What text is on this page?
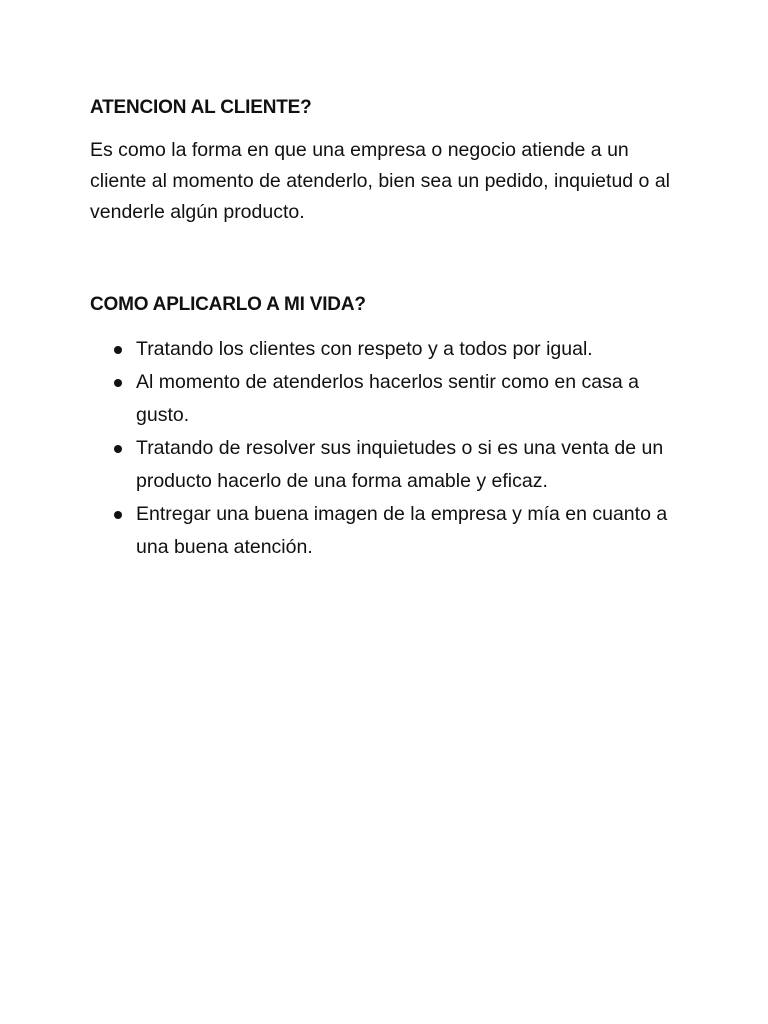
ATENCION AL CLIENTE?

Es como la forma en que una empresa o negocio atiende a un cliente al momento de atenderlo, bien sea un pedido, inquietud o al venderle algún producto.

COMO APLICARLO A MI VIDA?
Tratando los clientes con respeto y a todos por igual.
Al momento de atenderlos hacerlos sentir como en casa a gusto.
Tratando de resolver sus inquietudes o si es una venta de un producto hacerlo de una forma amable y eficaz.
Entregar una buena imagen de la empresa y mía en cuanto a una buena atención.
